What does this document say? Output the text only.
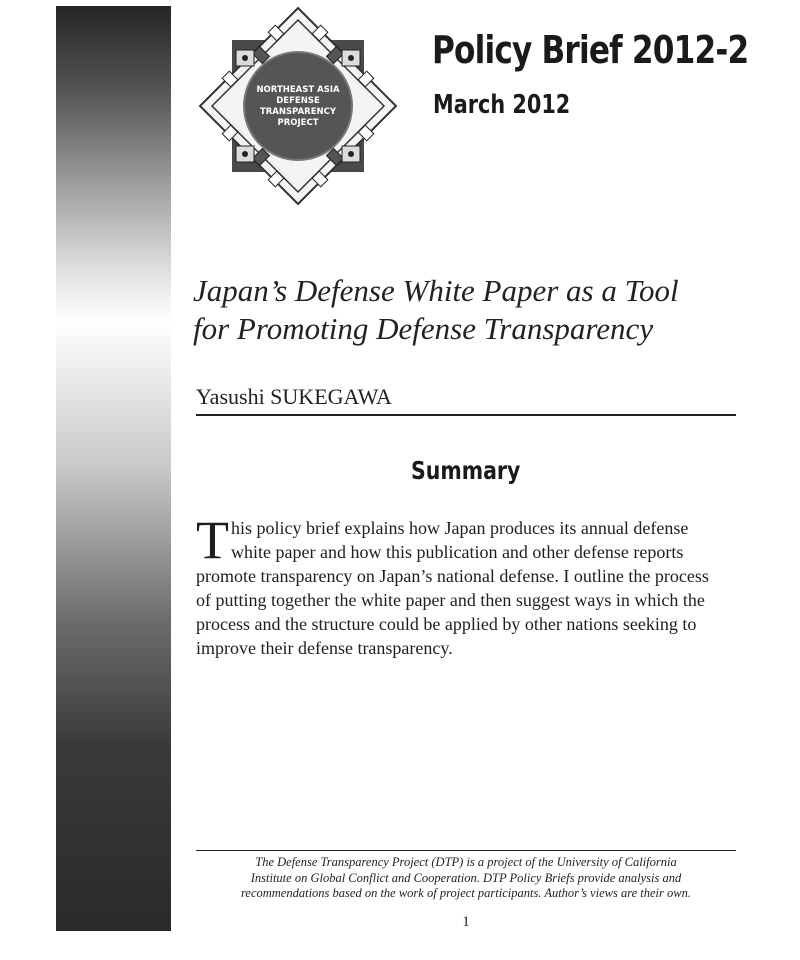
NORTHEAST ASIA
DEFENSE
TRANSPARENCY
PROJECT
Policy Brief 2012-2
March 2012
Japan’s Defense White Paper as a Tool
for Promoting Defense Transparency

Yasushi SUKEGAWA

Summary

This policy brief explains how Japan produces its annual defense white paper and how this publication and other defense reports promote transparency on Japan’s national defense. I outline the process of putting together the white paper and then suggest ways in which the process and the structure could be applied by other nations seeking to improve their defense transparency.

The Defense Transparency Project (DTP) is a project of the University of California
Institute on Global Conflict and Cooperation. DTP Policy Briefs provide analysis and
recommendations based on the work of project participants. Author’s views are their own.

1
